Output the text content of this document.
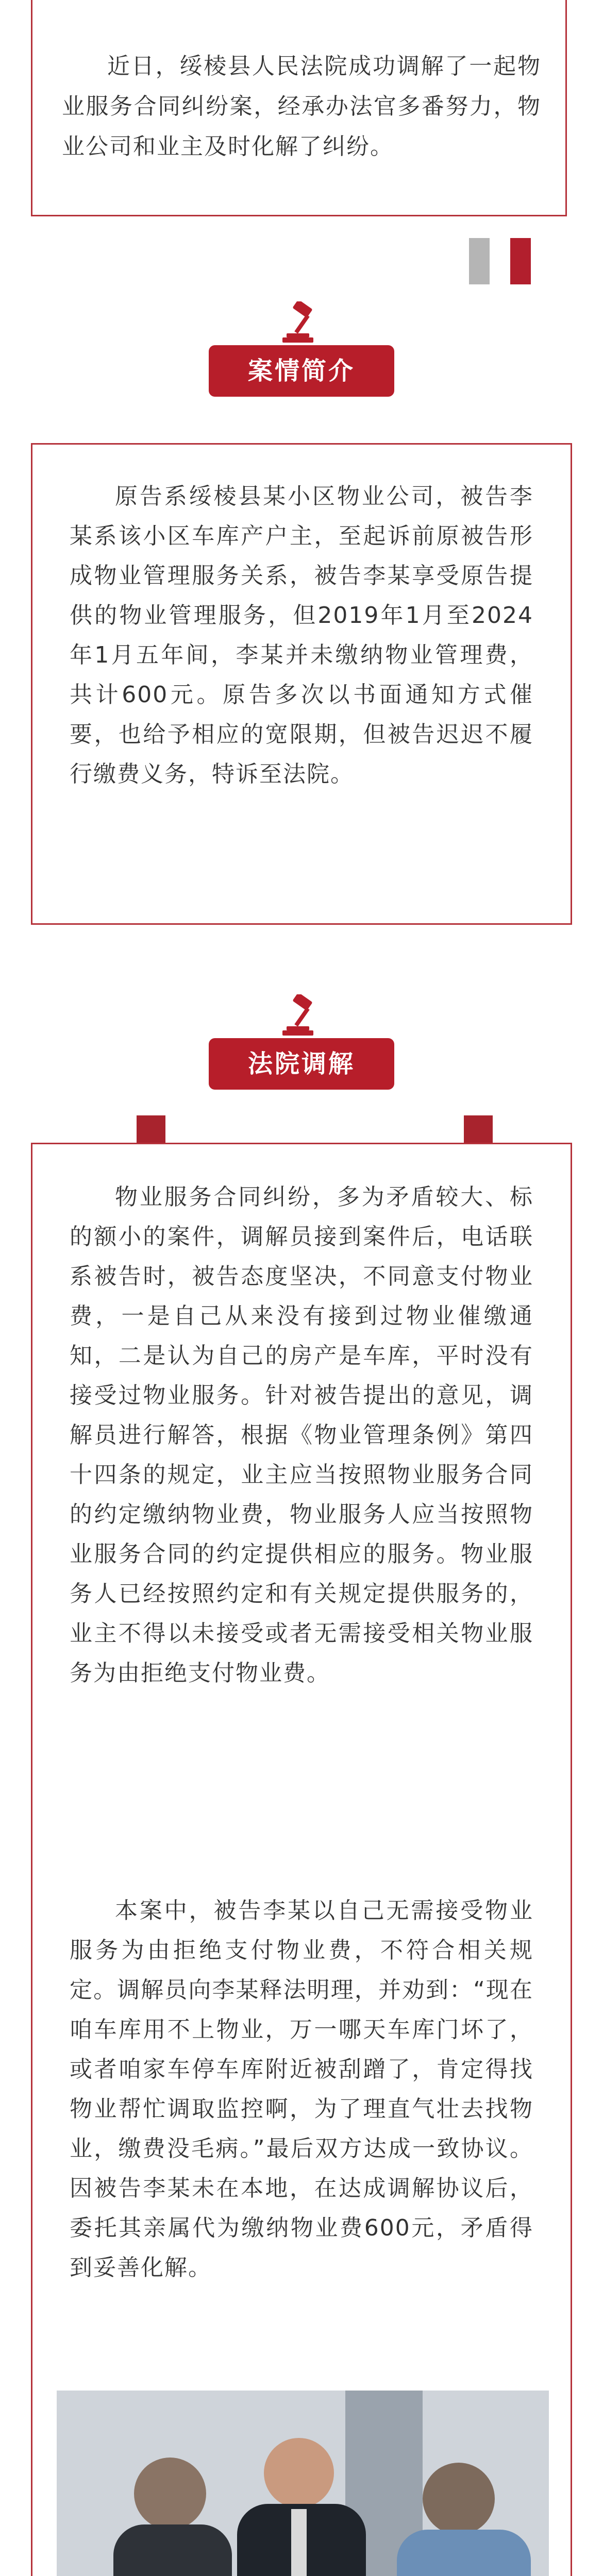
近日，绥棱县人民法院成功调解了一起物业服务合同纠纷案，经承办法官多番努力，物业公司和业主及时化解了纠纷。

案情简介

原告系绥棱县某小区物业公司，被告李某系该小区车库产户主，至起诉前原被告形成物业管理服务关系，被告李某享受原告提供的物业管理服务，但2019年1月至2024年1月五年间，李某并未缴纳物业管理费，共计600元。原告多次以书面通知方式催要，也给予相应的宽限期，但被告迟迟不履行缴费义务，特诉至法院。

法院调解

物业服务合同纠纷，多为矛盾较大、标的额小的案件，调解员接到案件后，电话联系被告时，被告态度坚决，不同意支付物业费，一是自己从来没有接到过物业催缴通知，二是认为自己的房产是车库，平时没有接受过物业服务。针对被告提出的意见，调解员进行解答，根据《物业管理条例》第四十四条的规定，业主应当按照物业服务合同的约定缴纳物业费，物业服务人应当按照物业服务合同的约定提供相应的服务。物业服务人已经按照约定和有关规定提供服务的，业主不得以未接受或者无需接受相关物业服务为由拒绝支付物业费。

本案中，被告李某以自己无需接受物业服务为由拒绝支付物业费，不符合相关规定。调解员向李某释法明理，并劝到：“现在咱车库用不上物业，万一哪天车库门坏了，或者咱家车停车库附近被刮蹭了，肯定得找物业帮忙调取监控啊，为了理直气壮去找物业，缴费没毛病。”最后双方达成一致协议。因被告李某未在本地，在达成调解协议后，委托其亲属代为缴纳物业费600元，矛盾得到妥善化解。
